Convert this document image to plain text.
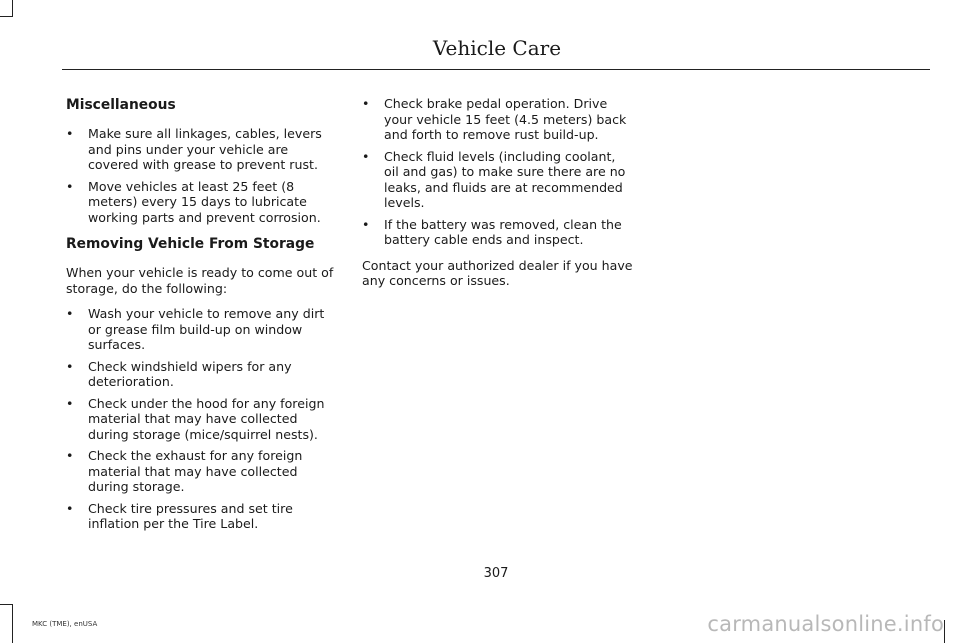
Vehicle Care
Miscellaneous
• Make sure all linkages, cables, levers and pins under your vehicle are covered with grease to prevent rust.
• Move vehicles at least 25 feet (8 meters) every 15 days to lubricate working parts and prevent corrosion.
Removing Vehicle From Storage

When your vehicle is ready to come out of storage, do the following:

• Wash your vehicle to remove any dirt or grease film build-up on window surfaces.
• Check windshield wipers for any deterioration.
• Check under the hood for any foreign material that may have collected during storage (mice/squirrel nests).
• Check the exhaust for any foreign material that may have collected during storage.
• Check tire pressures and set tire inflation per the Tire Label.
• Check brake pedal operation. Drive your vehicle 15 feet (4.5 meters) back and forth to remove rust build-up.
• Check fluid levels (including coolant, oil and gas) to make sure there are no leaks, and fluids are at recommended levels.
• If the battery was removed, clean the battery cable ends and inspect.

Contact your authorized dealer if you have any concerns or issues.

307
MKC (TME), enUSA	carmanualsonline.info
